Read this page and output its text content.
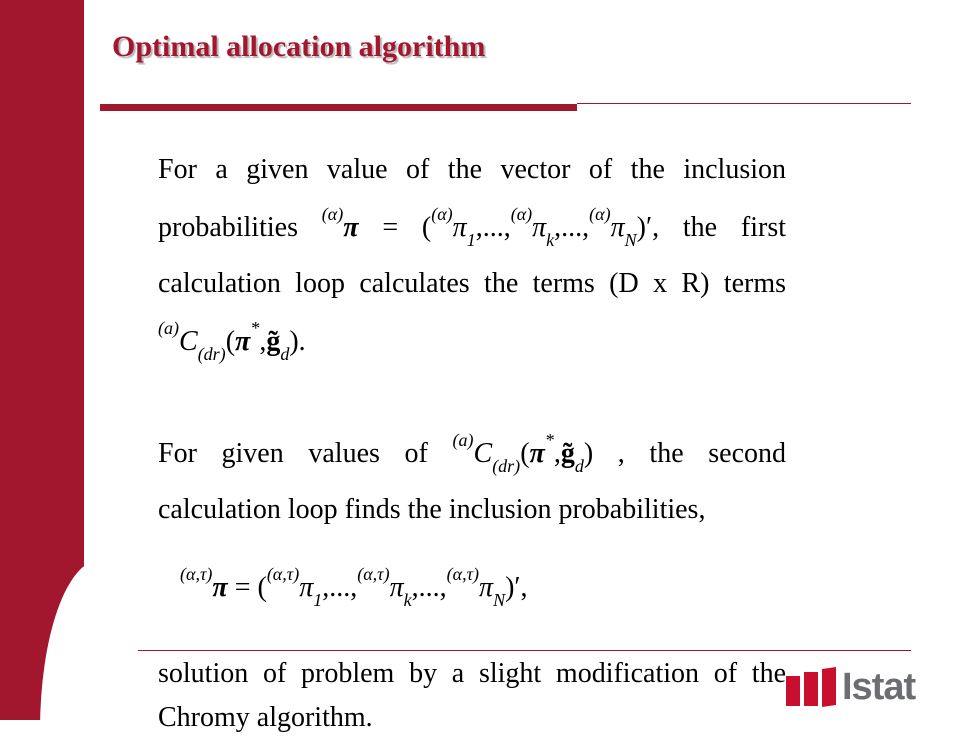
Optimal allocation algorithm

For a given value of the vector of the inclusion probabilities $^{(\alpha)}\pi = (^{(\alpha)}\pi_1,...,^{(\alpha)}\pi_k,...,^{(\alpha)}\pi_N)'$, the first calculation loop calculates the terms (D x R) terms $^{(a)}C_{(dr)}(\pi^*,g̃_d)$.

For given values of $^{(a)}C_{(dr)}(\pi^*,g̃_d)$ , the second calculation loop finds the inclusion probabilities,

$^{(\alpha,\tau)}\pi = (^{(\alpha,\tau)}\pi_1,...,^{(\alpha,\tau)}\pi_k,...,^{(\alpha,\tau)}\pi_N)'$,

solution of problem by a slight modification of the Chromy algorithm.

Istat
